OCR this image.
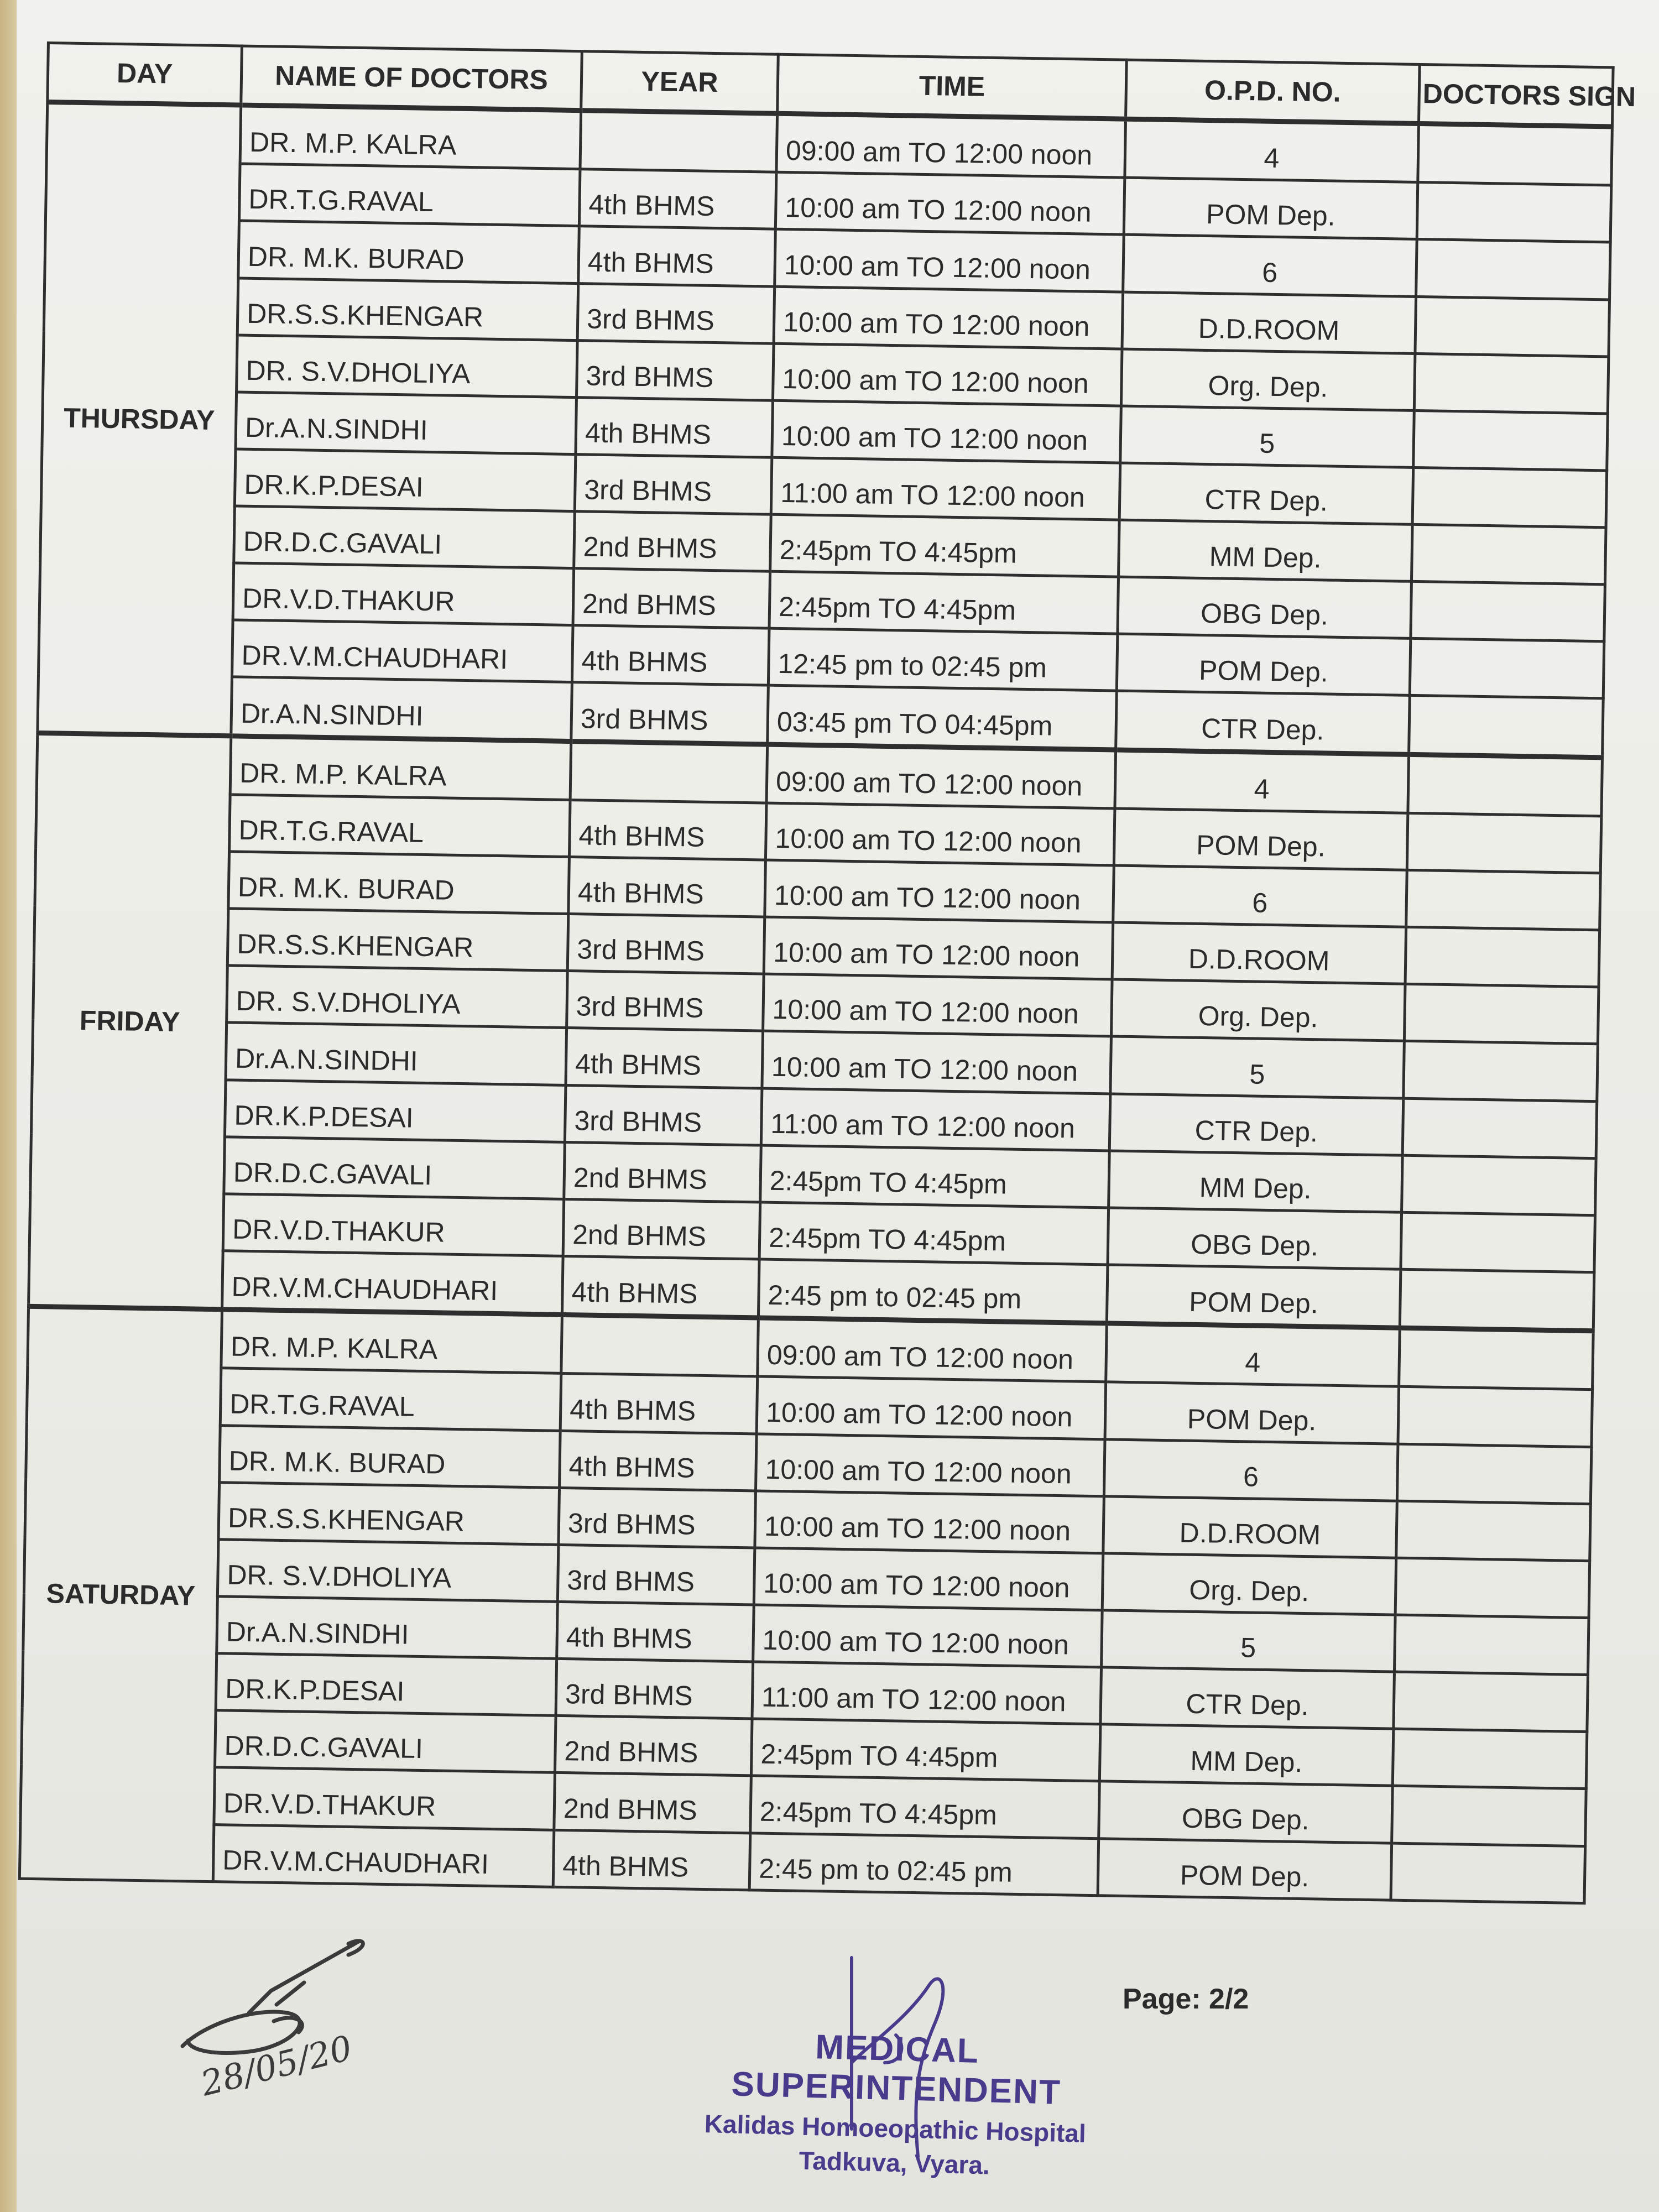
DAY	NAME OF DOCTORS	YEAR	TIME	O.P.D. NO.	DOCTORS SIGN
THURSDAY	DR. M.P. KALRA		09:00 am TO 12:00 noon	4	
	DR.T.G.RAVAL	4th BHMS	10:00 am TO 12:00 noon	POM Dep.	
	DR. M.K. BURAD	4th BHMS	10:00 am TO 12:00 noon	6	
	DR.S.S.KHENGAR	3rd BHMS	10:00 am TO 12:00 noon	D.D.ROOM	
	DR. S.V.DHOLIYA	3rd BHMS	10:00 am TO 12:00 noon	Org. Dep.	
	Dr.A.N.SINDHI	4th BHMS	10:00 am TO 12:00 noon	5	
	DR.K.P.DESAI	3rd BHMS	11:00 am TO 12:00 noon	CTR Dep.	
	DR.D.C.GAVALI	2nd BHMS	2:45pm TO 4:45pm	MM Dep.	
	DR.V.D.THAKUR	2nd BHMS	2:45pm TO 4:45pm	OBG Dep.	
	DR.V.M.CHAUDHARI	4th BHMS	12:45 pm to 02:45 pm	POM Dep.	
	Dr.A.N.SINDHI	3rd BHMS	03:45 pm TO 04:45pm	CTR Dep.	
FRIDAY	DR. M.P. KALRA		09:00 am TO 12:00 noon	4	
	DR.T.G.RAVAL	4th BHMS	10:00 am TO 12:00 noon	POM Dep.	
	DR. M.K. BURAD	4th BHMS	10:00 am TO 12:00 noon	6	
	DR.S.S.KHENGAR	3rd BHMS	10:00 am TO 12:00 noon	D.D.ROOM	
	DR. S.V.DHOLIYA	3rd BHMS	10:00 am TO 12:00 noon	Org. Dep.	
	Dr.A.N.SINDHI	4th BHMS	10:00 am TO 12:00 noon	5	
	DR.K.P.DESAI	3rd BHMS	11:00 am TO 12:00 noon	CTR Dep.	
	DR.D.C.GAVALI	2nd BHMS	2:45pm TO 4:45pm	MM Dep.	
	DR.V.D.THAKUR	2nd BHMS	2:45pm TO 4:45pm	OBG Dep.	
	DR.V.M.CHAUDHARI	4th BHMS	2:45 pm to 02:45 pm	POM Dep.	
SATURDAY	DR. M.P. KALRA		09:00 am TO 12:00 noon	4	
	DR.T.G.RAVAL	4th BHMS	10:00 am TO 12:00 noon	POM Dep.	
	DR. M.K. BURAD	4th BHMS	10:00 am TO 12:00 noon	6	
	DR.S.S.KHENGAR	3rd BHMS	10:00 am TO 12:00 noon	D.D.ROOM	
	DR. S.V.DHOLIYA	3rd BHMS	10:00 am TO 12:00 noon	Org. Dep.	
	Dr.A.N.SINDHI	4th BHMS	10:00 am TO 12:00 noon	5	
	DR.K.P.DESAI	3rd BHMS	11:00 am TO 12:00 noon	CTR Dep.	
	DR.D.C.GAVALI	2nd BHMS	2:45pm TO 4:45pm	MM Dep.	
	DR.V.D.THAKUR	2nd BHMS	2:45pm TO 4:45pm	OBG Dep.	
	DR.V.M.CHAUDHARI	4th BHMS	2:45 pm to 02:45 pm	POM Dep.	
28/05/20	MEDICAL SUPERINTENDENT
Kalidas Homoeopathic Hospital
Tadkuva, Vyara.
Page: 2/2
